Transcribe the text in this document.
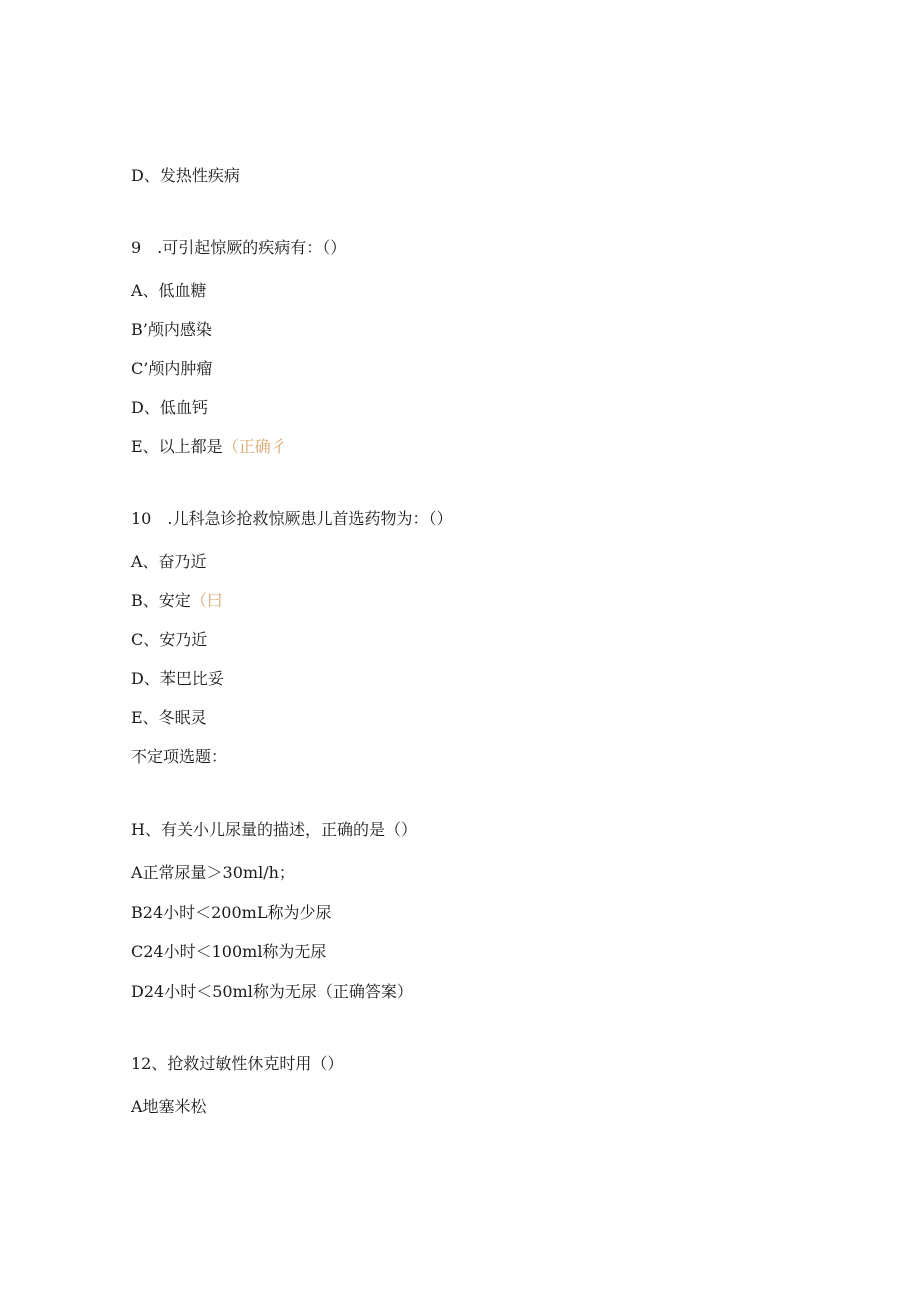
D、发热性疾病

9 .可引起惊厥的疾病有：（）

A、低血糖

B’颅内感染

C’颅内肿瘤

D、低血钙

E、以上都是（正确彳

10 .儿科急诊抢救惊厥患儿首选药物为：（）

A、奋乃近

B、安定（曰

C、安乃近

D、苯巴比妥

E、冬眠灵

不定项选题：

H、有关小儿尿量的描述，正确的是（）

A正常尿量＞30ml/h；

B24小时＜200mL称为少尿

C24小时＜100ml称为无尿

D24小时＜50ml称为无尿（正确答案）

12、抢救过敏性休克时用（）

A地塞米松
